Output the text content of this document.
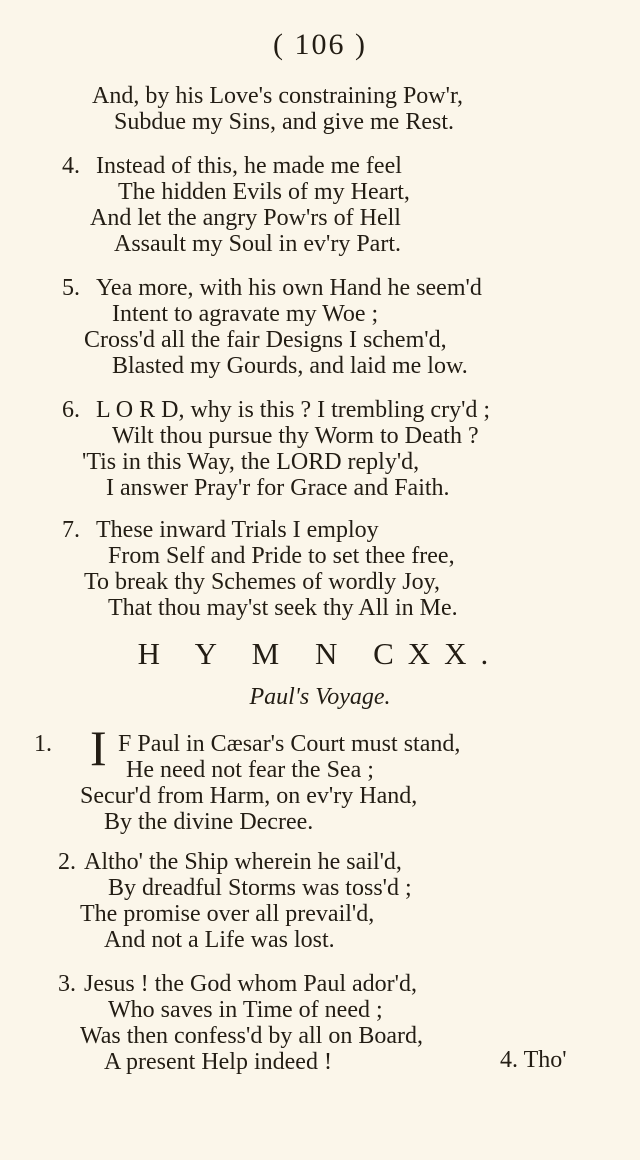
( 106 )
And, by his Love's constraining Pow'r,
Subdue my Sins, and give me Rest.
4. Instead of this, he made me feel
The hidden Evils of my Heart,
And let the angry Pow'rs of Hell
Assault my Soul in ev'ry Part.
5. Yea more, with his own Hand he seem'd
Intent to agravate my Woe ;
Cross'd all the fair Designs I schem'd,
Blasted my Gourds, and laid me low.
6. L O R D, why is this ? I trembling cry'd ;
Wilt thou pursue thy Worm to Death ?
'Tis in this Way, the LORD reply'd,
I answer Pray'r for Grace and Faith.
7. These inward Trials I employ
From Self and Pride to set thee free,
To break thy Schemes of wordly Joy,
That thou may'st seek thy All in Me.
H Y M N CXX.
Paul's Voyage.
1. I F Paul in Cæsar's Court must stand,
He need not fear the Sea ;
Secur'd from Harm, on ev'ry Hand,
By the divine Decree.
2. Altho' the Ship wherein he sail'd,
By dreadful Storms was toss'd ;
The promise over all prevail'd,
And not a Life was lost.
3. Jesus ! the God whom Paul ador'd,
Who saves in Time of need ;
Was then confess'd by all on Board,
A present Help indeed !	4. Tho'
